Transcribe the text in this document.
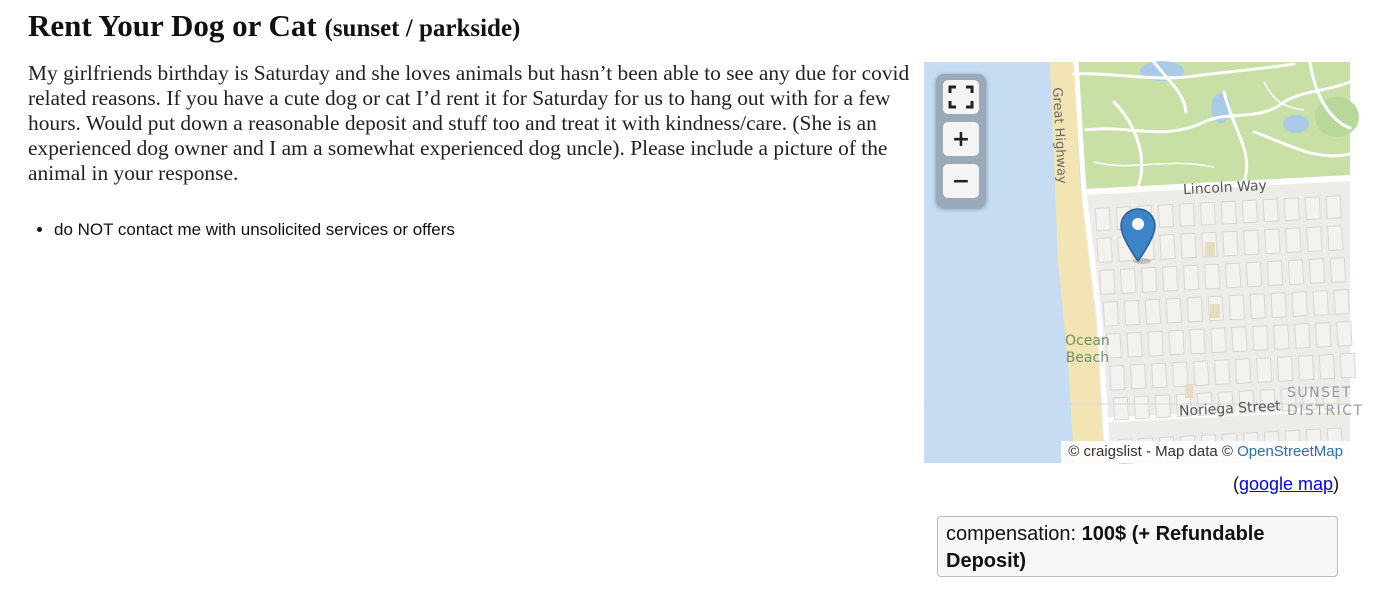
Rent Your Dog or Cat (sunset / parkside)

My girlfriends birthday is Saturday and she loves animals but hasn’t been able to see any due for covid related reasons. If you have a cute dog or cat I’d rent it for Saturday for us to hang out with for a few hours. Would put down a reasonable deposit and stuff too and treat it with kindness/care. (She is an experienced dog owner and I am a somewhat experienced dog uncle). Please include a picture of the animal in your response.

• do NOT contact me with unsolicited services or offers
+
−	Great Highway
Lincoln Way
Ocean
Beach
Noriega Street
SUNSET
DISTRICT
© craigslist - Map data © OpenStreetMap
(google map)
compensation: 100$ (+ Refundable Deposit)
